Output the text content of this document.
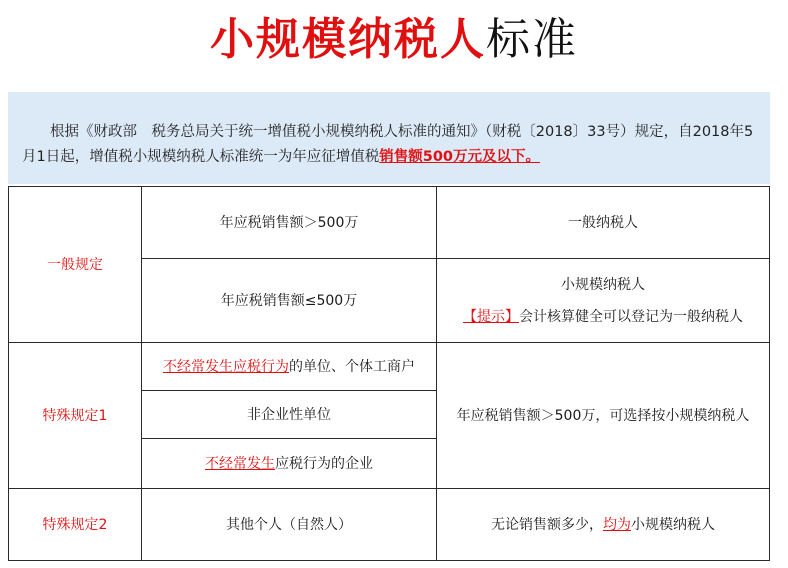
小规模纳税人标准
根据《财政部　税务总局关于统一增值税小规模纳税人标准的通知》（财税〔2018〕33号）规定，自2018年5月1日起，增值税小规模纳税人标准统一为年应征增值税销售额500万元及以下。
一般规定	年应税销售额＞500万	一般纳税人
	年应税销售额≤500万	小规模纳税人
【提示】会计核算健全可以登记为一般纳税人

特殊规定1	不经常发生应税行为的单位、个体工商户	年应税销售额＞500万，可选择按小规模纳税人
	非企业性单位	
	不经常发生应税行为的企业	
特殊规定2	其他个人（自然人）	无论销售额多少，均为小规模纳税人
